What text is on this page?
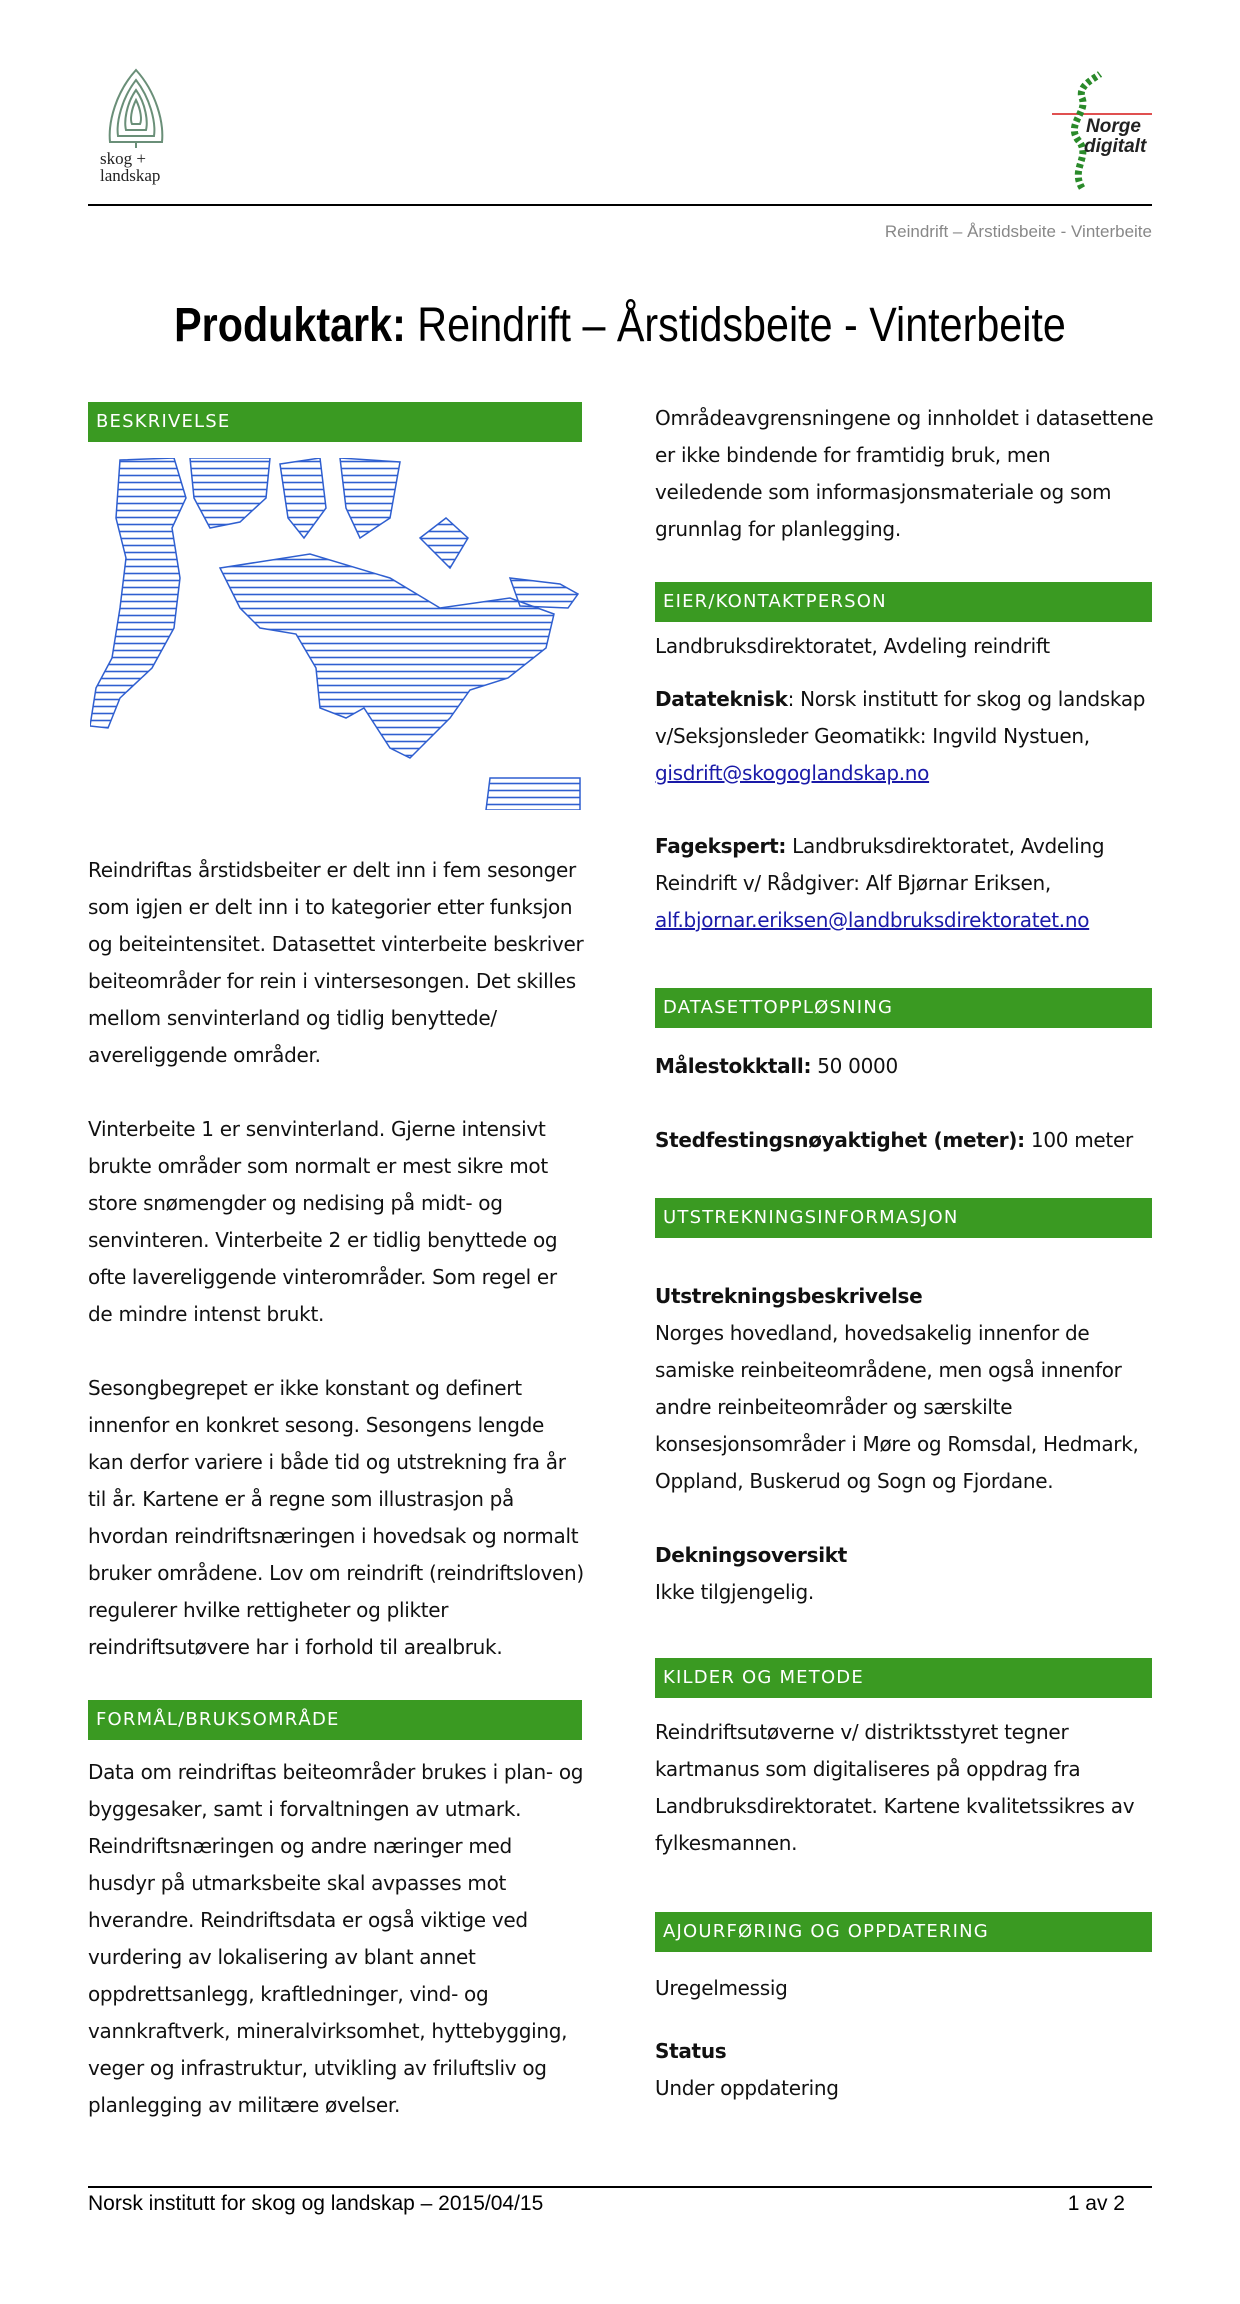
skog +
landskap
Norge
digitalt
Reindrift – Årstidsbeite - Vinterbeite
Produktark: Reindrift – Årstidsbeite - Vinterbeite
BESKRIVELSE

Reindriftas årstidsbeiter er delt inn i fem sesonger som igjen er delt inn i to kategorier etter funksjon og beiteintensitet. Datasettet vinterbeite beskriver beiteområder for rein i vintersesongen. Det skilles mellom senvinterland og tidlig benyttede/ avereliggende områder.

Vinterbeite 1 er senvinterland. Gjerne intensivt brukte områder som normalt er mest sikre mot store snømengder og nedising på midt- og senvinteren. Vinterbeite 2 er tidlig benyttede og ofte lavereliggende vinterområder. Som regel er de mindre intenst brukt.

Sesongbegrepet er ikke konstant og definert innenfor en konkret sesong. Sesongens lengde kan derfor variere i både tid og utstrekning fra år til år. Kartene er å regne som illustrasjon på hvordan reindriftsnæringen i hovedsak og normalt bruker områdene. Lov om reindrift (reindriftsloven) regulerer hvilke rettigheter og plikter reindriftsutøvere har i forhold til arealbruk.

FORMÅL/BRUKSOMRÅDE

Data om reindriftas beiteområder brukes i plan- og byggesaker, samt i forvaltningen av utmark. Reindriftsnæringen og andre næringer med husdyr på utmarksbeite skal avpasses mot hverandre. Reindriftsdata er også viktige ved vurdering av lokalisering av blant annet oppdrettsanlegg, kraftledninger, vind- og vannkraftverk, mineralvirksomhet, hyttebygging, veger og infrastruktur, utvikling av friluftsliv og planlegging av militære øvelser.

Områdeavgrensningene og innholdet i datasettene er ikke bindende for framtidig bruk, men veiledende som informasjonsmateriale og som grunnlag for planlegging.

EIER/KONTAKTPERSON

Landbruksdirektoratet, Avdeling reindrift

Datateknisk: Norsk institutt for skog og landskap v/Seksjonsleder Geomatikk: Ingvild Nystuen,
gisdrift@skogoglandskap.no

Fagekspert: Landbruksdirektoratet, Avdeling Reindrift v/ Rådgiver: Alf Bjørnar Eriksen,
alf.bjornar.eriksen@landbruksdirektoratet.no

DATASETTOPPLØSNING

Målestokktall: 50 0000

Stedfestingsnøyaktighet (meter): 100 meter

UTSTREKNINGSINFORMASJON

Utstrekningsbeskrivelse

Norges hovedland, hovedsakelig innenfor de samiske reinbeiteområdene, men også innenfor andre reinbeiteområder og særskilte konsesjonsområder i Møre og Romsdal, Hedmark, Oppland, Buskerud og Sogn og Fjordane.

Dekningsoversikt

Ikke tilgjengelig.

KILDER OG METODE

Reindriftsutøverne v/ distriktsstyret tegner kartmanus som digitaliseres på oppdrag fra Landbruksdirektoratet. Kartene kvalitetssikres av fylkesmannen.

AJOURFØRING OG OPPDATERING

Uregelmessig

Status

Under oppdatering

Norsk institutt for skog og landskap – 2015/04/15	1 av 2
